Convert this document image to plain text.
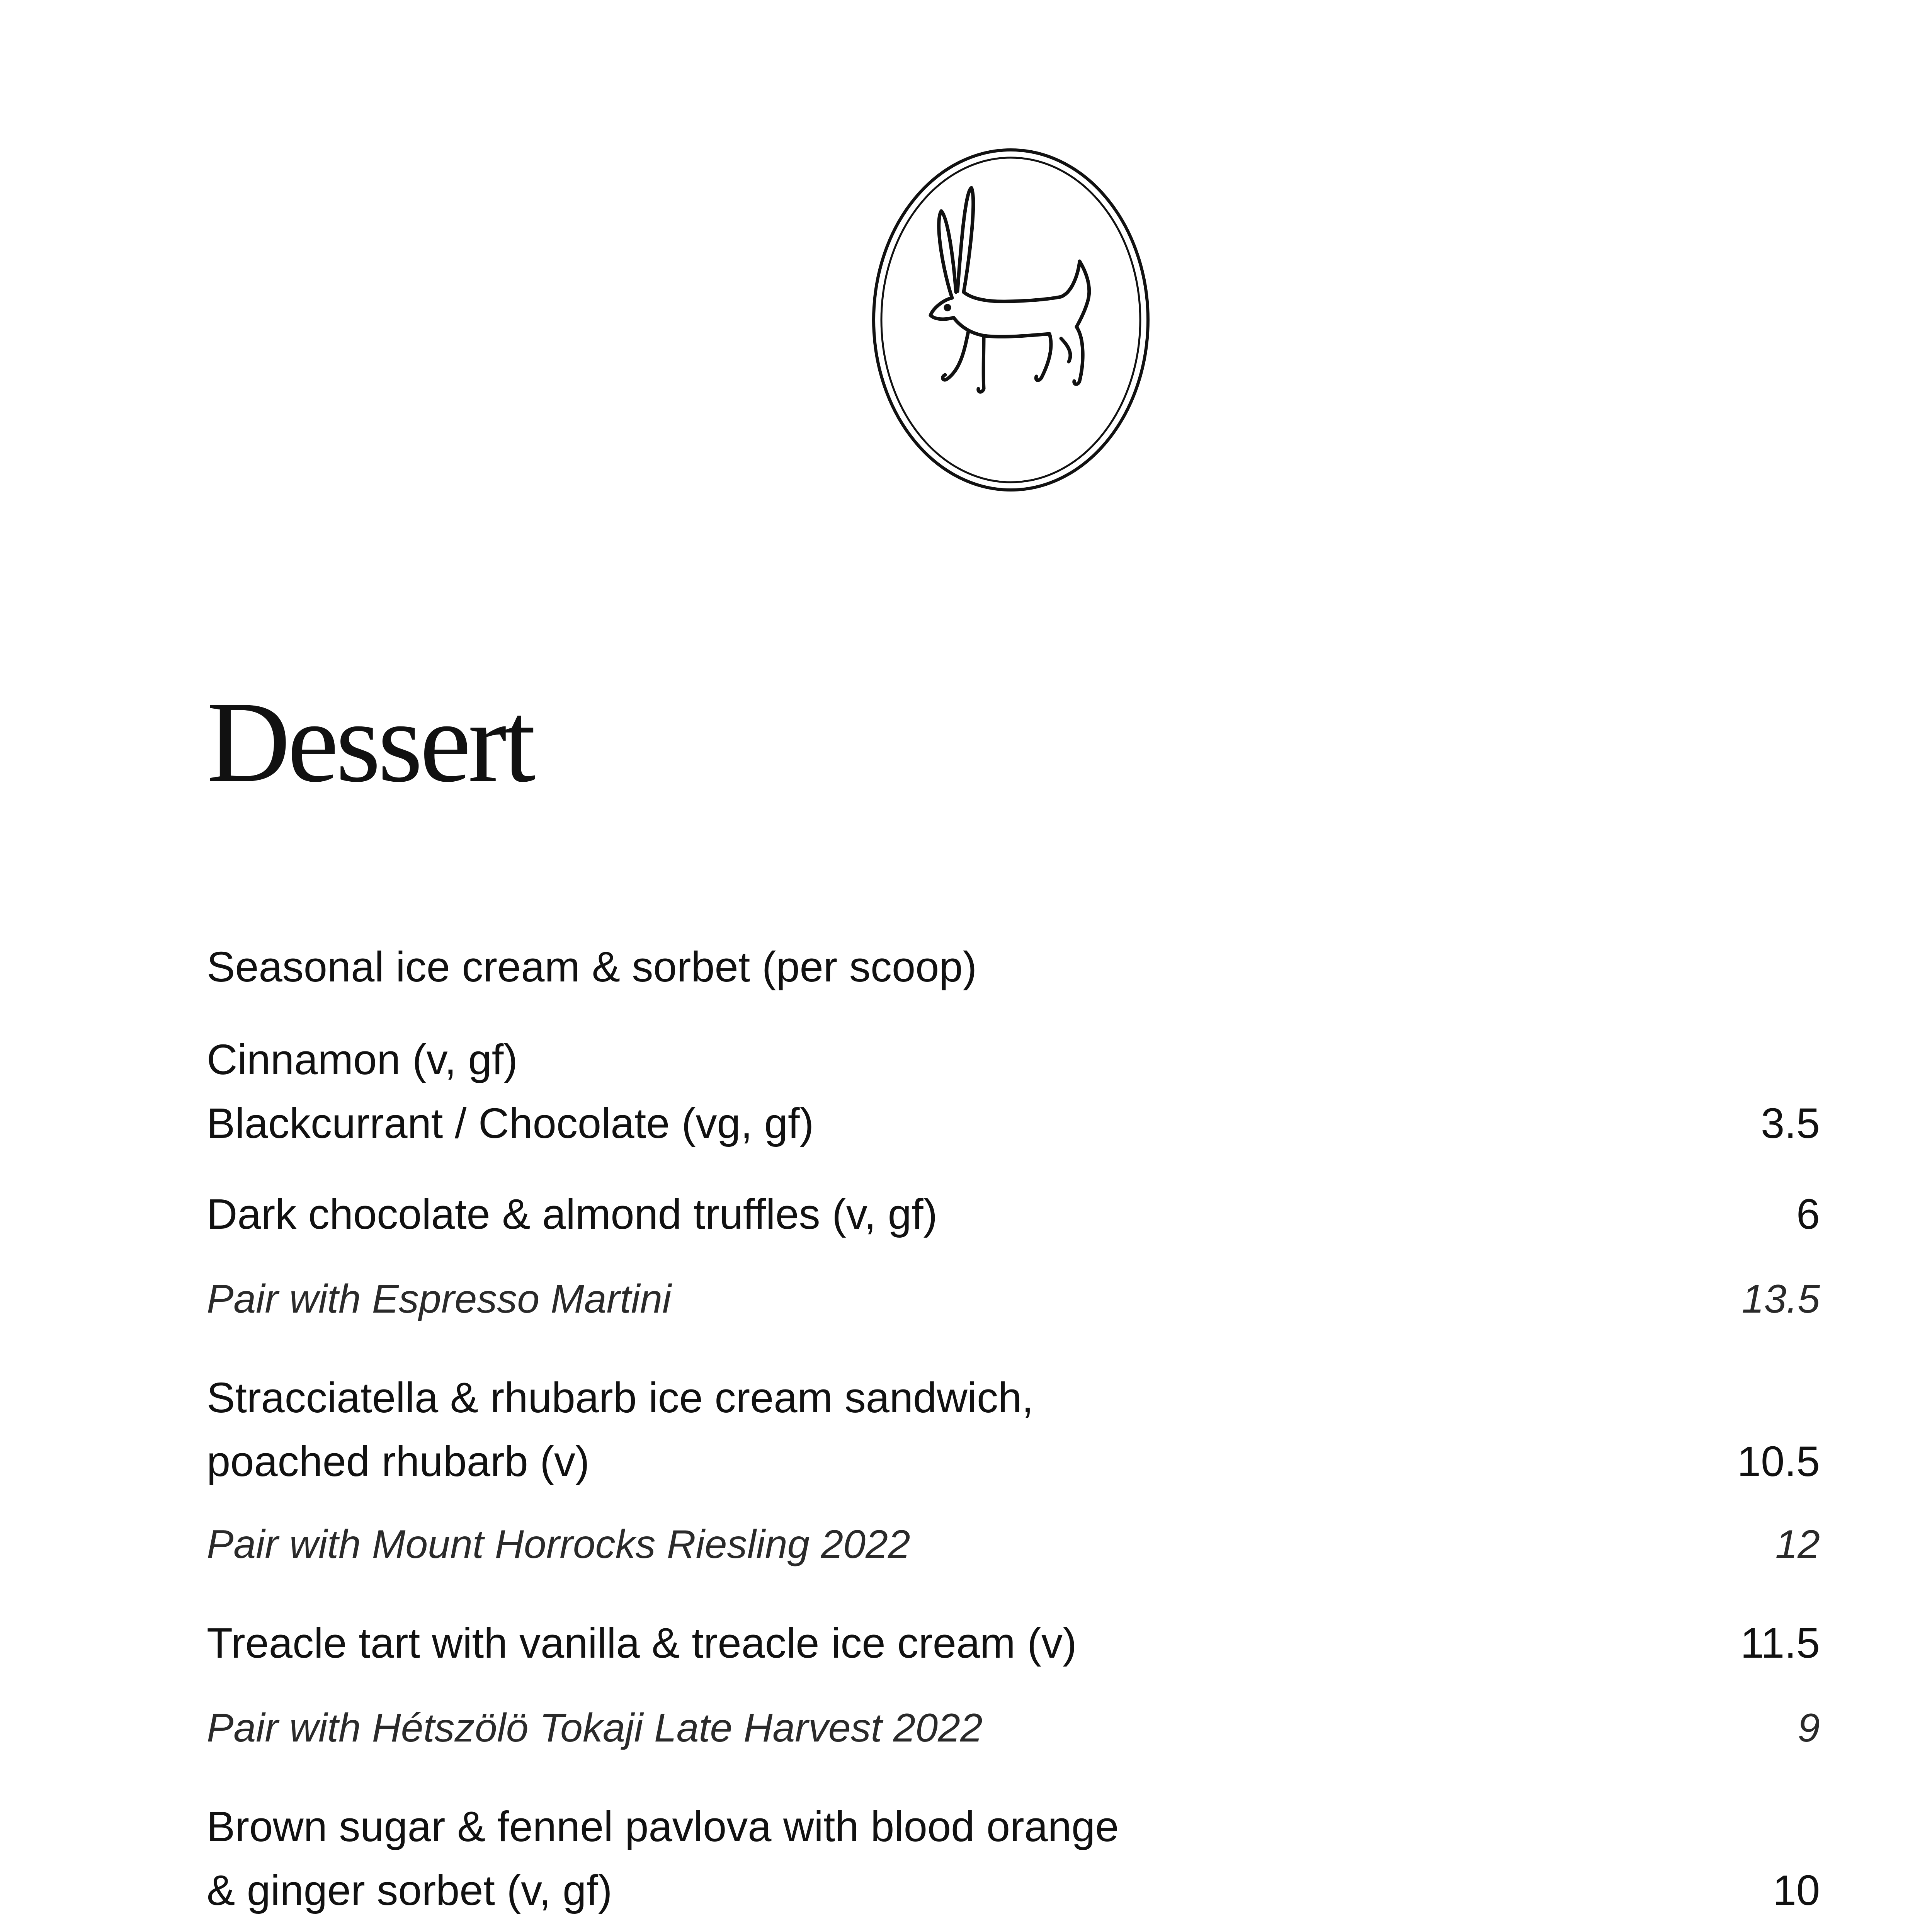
Dessert
Seasonal ice cream & sorbet (per scoop)
Cinnamon (v, gf)
Blackcurrant / Chocolate (vg, gf)	3.5
Dark chocolate & almond truffles (v, gf)	6
Pair with Espresso Martini	13.5
Stracciatella & rhubarb ice cream sandwich,
poached rhubarb (v)	10.5
Pair with Mount Horrocks Riesling 2022	12
Treacle tart with vanilla & treacle ice cream (v)	11.5
Pair with Hétszölö Tokaji Late Harvest 2022	9
Brown sugar & fennel pavlova with blood orange
& ginger sorbet (v, gf)	10
